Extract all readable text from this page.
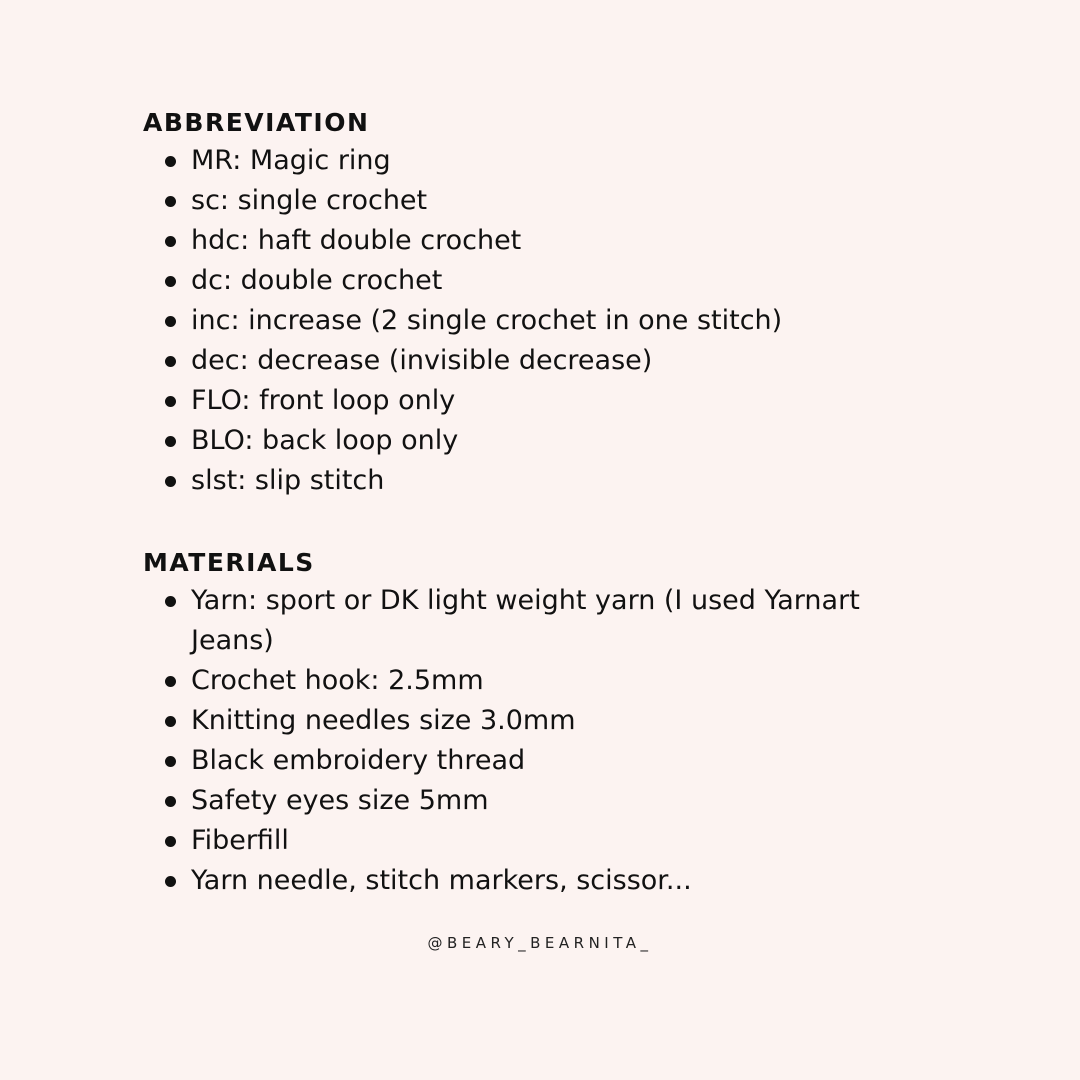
ABBREVIATION
MR: Magic ring
sc: single crochet
hdc: haft double crochet
dc: double crochet
inc: increase (2 single crochet in one stitch)
dec: decrease (invisible decrease)
FLO: front loop only
BLO: back loop only
slst: slip stitch
MATERIALS
Yarn: sport or DK light weight yarn (I used Yarnart Jeans)
Crochet hook: 2.5mm
Knitting needles size 3.0mm
Black embroidery thread
Safety eyes size 5mm
Fiberfill
Yarn needle, stitch markers, scissor...

@BEARY_BEARNITA_
